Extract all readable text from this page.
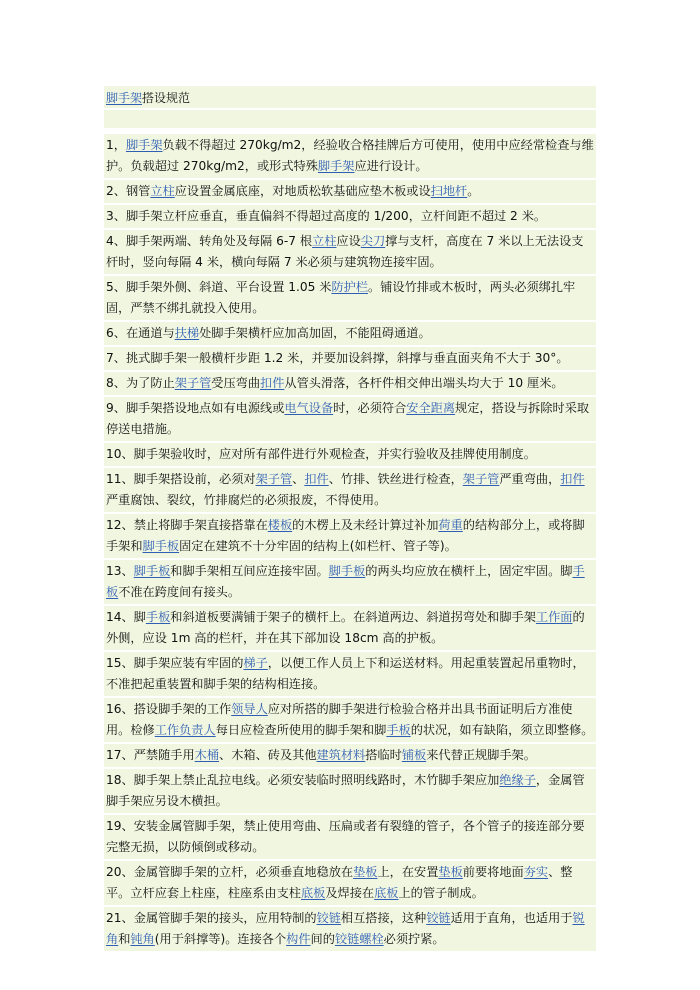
脚手架搭设规范
1，脚手架负载不得超过 270kg/m2，经验收合格挂牌后方可使用，使用中应经常检查与维护。负载超过 270kg/m2，或形式特殊脚手架应进行设计。
2、钢管立柱应设置金属底座，对地质松软基础应垫木板或设扫地杆。
3、脚手架立杆应垂直，垂直偏斜不得超过高度的 1/200，立杆间距不超过 2 米。
4、脚手架两端、转角处及每隔 6-7 根立柱应设尖刀撑与支杆，高度在 7 米以上无法设支杆时，竖向每隔 4 米，横向每隔 7 米必须与建筑物连接牢固。
5、脚手架外侧、斜道、平台设置 1.05 米防护栏。铺设竹排或木板时，两头必须绑扎牢固，严禁不绑扎就投入使用。
6、在通道与扶梯处脚手架横杆应加高加固，不能阻碍通道。
7、挑式脚手架一般横杆步距 1.2 米，并要加设斜撑，斜撑与垂直面夹角不大于 30°。
8、为了防止架子管受压弯曲扣件从管头滑落，各杆件相交伸出端头均大于 10 厘米。
9、脚手架搭设地点如有电源线或电气设备时，必须符合安全距离规定，搭设与拆除时采取停送电措施。
10、脚手架验收时，应对所有部件进行外观检查，并实行验收及挂牌使用制度。
11、脚手架搭设前，必须对架子管、扣件、竹排、铁丝进行检查，架子管严重弯曲，扣件严重腐蚀、裂纹，竹排腐烂的必须报废，不得使用。
12、禁止将脚手架直接搭靠在楼板的木楞上及未经计算过补加荷重的结构部分上，或将脚手架和脚手板固定在建筑不十分牢固的结构上(如栏杆、管子等)。
13、脚手板和脚手架相互间应连接牢固。脚手板的两头均应放在横杆上，固定牢固。脚手板不准在跨度间有接头。
14、脚手板和斜道板要满铺于架子的横杆上。在斜道两边、斜道拐弯处和脚手架工作面的外侧，应设 1m 高的栏杆，并在其下部加设 18cm 高的护板。
15、脚手架应装有牢固的梯子，以便工作人员上下和运送材料。用起重装置起吊重物时，不准把起重装置和脚手架的结构相连接。
16、搭设脚手架的工作领导人应对所搭的脚手架进行检验合格并出具书面证明后方准使用。检修工作负责人每日应检查所使用的脚手架和脚手板的状况，如有缺陷，须立即整修。
17、严禁随手用木桶、木箱、砖及其他建筑材料搭临时铺板来代替正规脚手架。
18、脚手架上禁止乱拉电线。必须安装临时照明线路时，木竹脚手架应加绝缘子，金属管脚手架应另设木横担。
19、安装金属管脚手架，禁止使用弯曲、压扁或者有裂缝的管子，各个管子的接连部分要完整无损，以防倾倒或移动。
20、金属管脚手架的立杆，必须垂直地稳放在垫板上，在安置垫板前要将地面夯实、整平。立杆应套上柱座，柱座系由支柱底板及焊接在底板上的管子制成。
21、金属管脚手架的接头，应用特制的铰链相互搭接，这种铰链适用于直角，也适用于锐角和钝角(用于斜撑等)。连接各个构件间的铰链螺栓必须拧紧。
